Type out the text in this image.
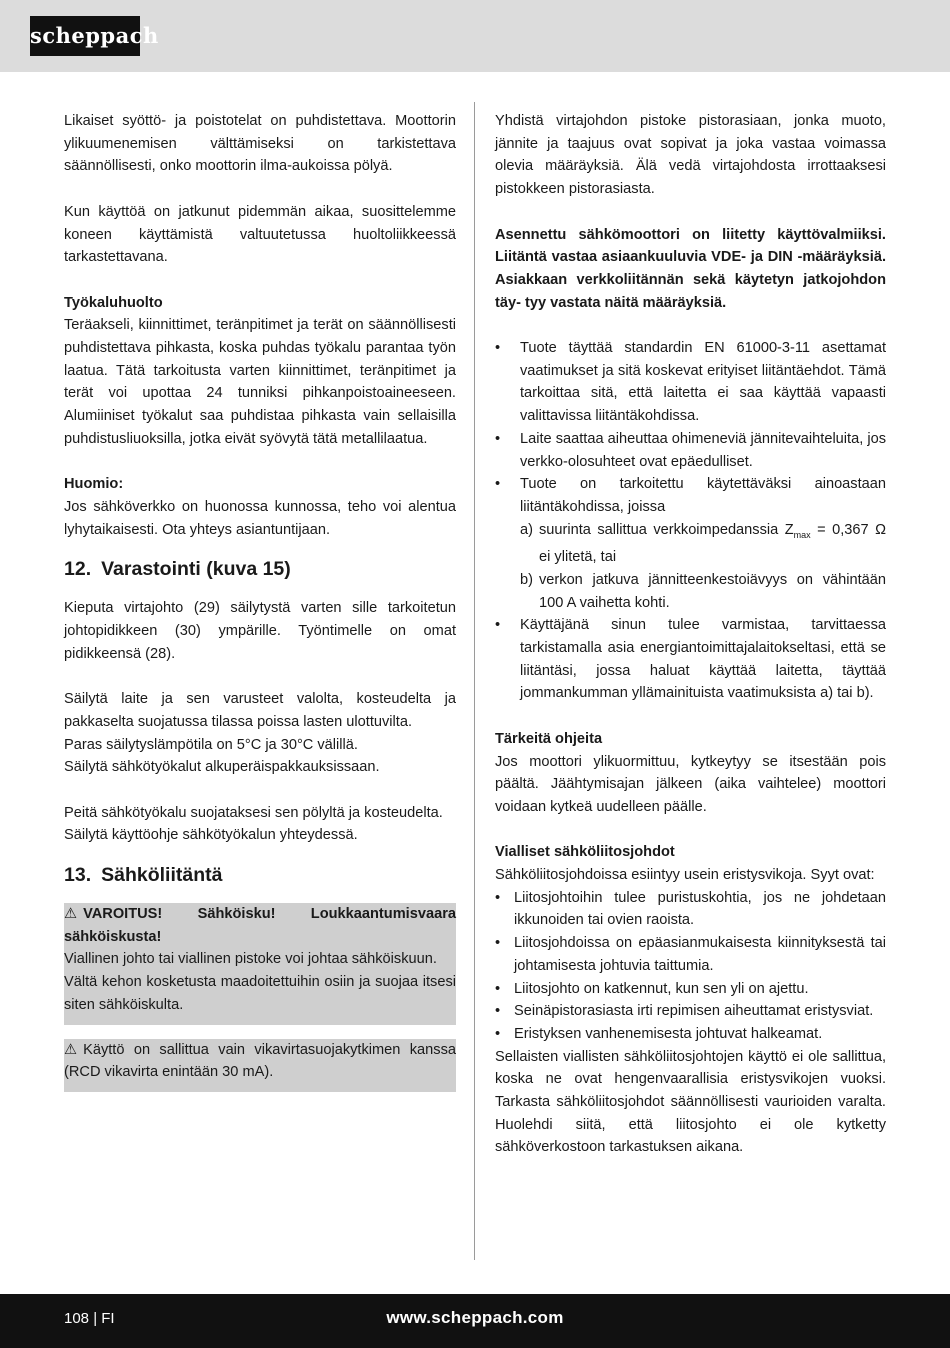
scheppach

Likaiset syöttö- ja poistotelat on puhdistettava. Moottorin ylikuumenemisen välttämiseksi on tarkistettava säännöllisesti, onko moottorin ilma-aukoissa pölyä.

Kun käyttöä on jatkunut pidemmän aikaa, suosittelemme koneen käyttämistä valtuutetussa huoltoliikkeessä tarkastettavana.

Työkaluhuolto

Teräakseli, kiinnittimet, teränpitimet ja terät on säännöllisesti puhdistettava pihkasta, koska puhdas työkalu parantaa työn laatua. Tätä tarkoitusta varten kiinnittimet, teränpitimet ja terät voi upottaa 24 tunniksi pihkanpoistoaineeseen. Alumiiniset työkalut saa puhdistaa pihkasta vain sellaisilla puhdistusliuoksilla, jotka eivät syövytä tätä metallilaatua.

Huomio:

Jos sähköverkko on huonossa kunnossa, teho voi alentua lyhytaikaisesti. Ota yhteys asiantuntijaan.

12. Varastointi (kuva 15)

Kieputa virtajohto (29) säilytystä varten sille tarkoitetun johtopidikkeen (30) ympärille. Työntimelle on omat pidikkeensä (28).

Säilytä laite ja sen varusteet valolta, kosteudelta ja pakkaselta suojatussa tilassa poissa lasten ulottuvilta.

Paras säilytyslämpötila on 5°C ja 30°C välillä.

Säilytä sähkötyökalut alkuperäispakkauksissaan.

Peitä sähkötyökalu suojataksesi sen pölyltä ja kosteudelta.

Säilytä käyttöohje sähkötyökalun yhteydessä.

13. Sähköliitäntä

⚠ VAROITUS! Sähköisku! Loukkaantumisvaara sähköiskusta!

Viallinen johto tai viallinen pistoke voi johtaa sähköiskuun.

Vältä kehon kosketusta maadoitettuihin osiin ja suojaa itsesi siten sähköiskulta.

⚠ Käyttö on sallittua vain vikavirtasuojakytkimen kanssa (RCD vikavirta enintään 30 mA).

Yhdistä virtajohdon pistoke pistorasiaan, jonka muoto, jännite ja taajuus ovat sopivat ja joka vastaa voimassa olevia määräyksiä. Älä vedä virtajohdosta irrottaaksesi pistokkeen pistorasiasta.

Asennettu sähkömoottori on liitetty käyttövalmiiksi. Liitäntä vastaa asiaankuuluvia VDE- ja DIN -määräyksiä. Asiakkaan verkkoliitännän sekä käytetyn jatkojohdon täy- tyy vastata näitä määräyksiä.

• Tuote täyttää standardin EN 61000-3-11 asettamat vaatimukset ja sitä koskevat erityiset liitäntäehdot. Tämä tarkoittaa sitä, että laitetta ei saa käyttää vapaasti valittavissa liitäntäkohdissa.
• Laite saattaa aiheuttaa ohimeneviä jännitevaihteluita, jos verkko-olosuhteet ovat epäedulliset.
• Tuote on tarkoitettu käytettäväksi ainoastaan liitäntäkohdissa, joissa
a) suurinta sallittua verkkoimpedanssia $Z_{max} = 0,367$ Ω ei ylitetä, tai
b) verkon jatkuva jännitteenkestoiävyys on vähintään 100 A vaihetta kohti.
• Käyttäjänä sinun tulee varmistaa, tarvittaessa tarkistamalla asia energiantoimittajalaitokseltasi, että se liitäntäsi, jossa haluat käyttää laitetta, täyttää jommankumman yllämainituista vaatimuksista a) tai b).

Tärkeitä ohjeita

Jos moottori ylikuormittuu, kytkeytyy se itsestään pois päältä. Jäähtymisajan jälkeen (aika vaihtelee) moottori voidaan kytkeä uudelleen päälle.

Vialliset sähköliitosjohdot

Sähköliitosjohdoissa esiintyy usein eristysvikoja. Syyt ovat:

• Liitosjohtoihin tulee puristuskohtia, jos ne johdetaan ikkunoiden tai ovien raoista.
• Liitosjohdoissa on epäasianmukaisesta kiinnityksestä tai johtamisesta johtuvia taittumia.
• Liitosjohto on katkennut, kun sen yli on ajettu.
• Seinäpistorasiasta irti repimisen aiheuttamat eristysviat.
• Eristyksen vanhenemisesta johtuvat halkeamat.

Sellaisten viallisten sähköliitosjohtojen käyttö ei ole sallittua, koska ne ovat hengenvaarallisia eristysvikojen vuoksi. Tarkasta sähköliitosjohdot säännöllisesti vaurioiden varalta. Huolehdi siitä, että liitosjohto ei ole kytketty sähköverkostoon tarkastuksen aikana.

108 | FI	www.scheppach.com
